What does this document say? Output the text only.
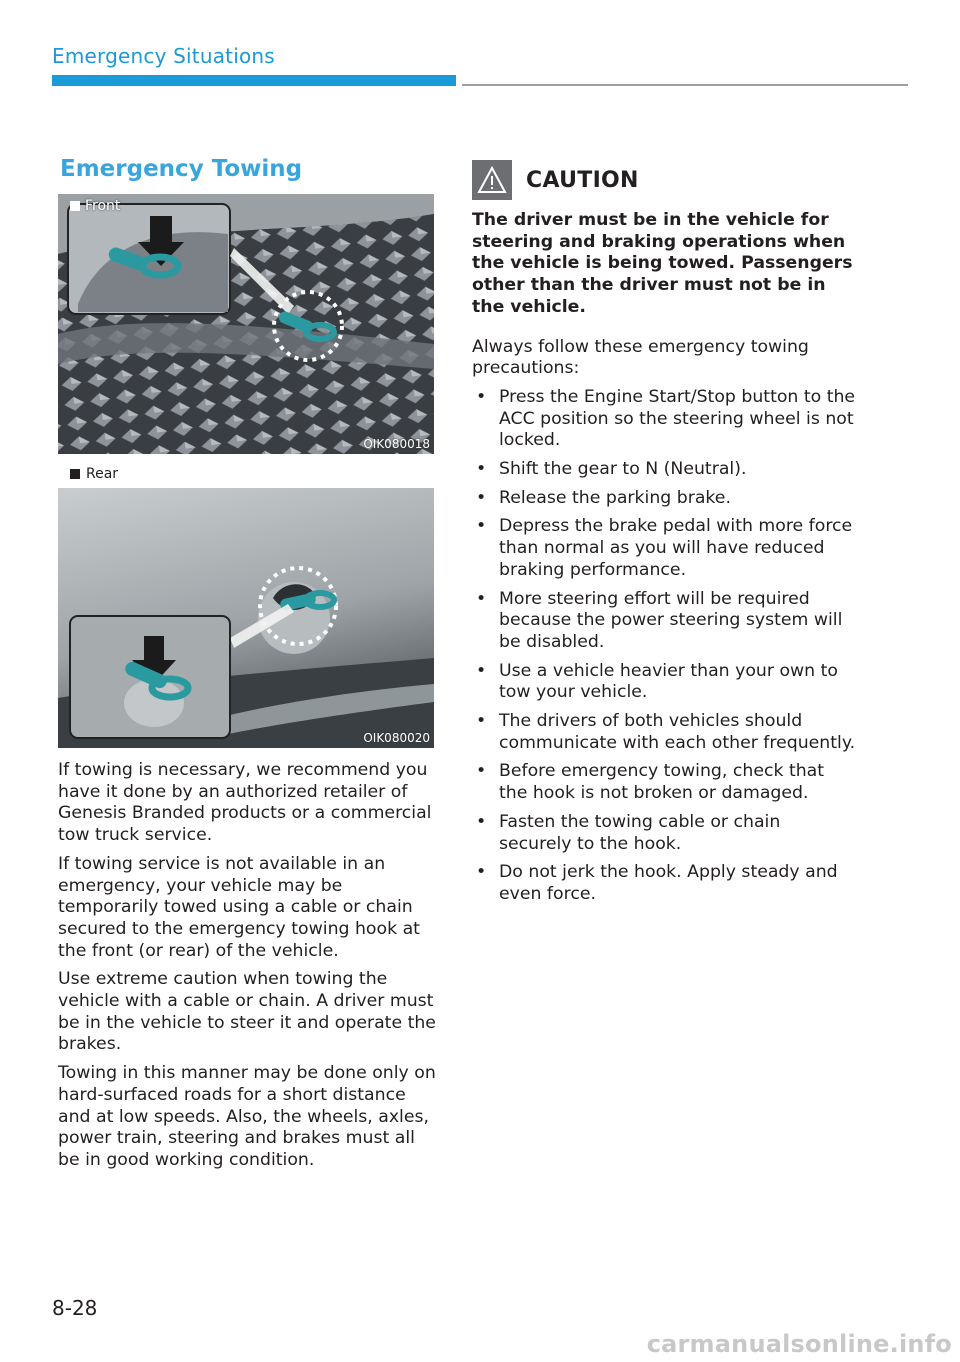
Emergency Situations
Emergency Towing
Front
OIK080018
Rear
OIK080020

If towing is necessary, we recommend you have it done by an authorized retailer of Genesis Branded products or a commercial tow truck service.

If towing service is not available in an emergency, your vehicle may be temporarily towed using a cable or chain secured to the emergency towing hook at the front (or rear) of the vehicle.

Use extreme caution when towing the vehicle with a cable or chain. A driver must be in the vehicle to steer it and operate the brakes.

Towing in this manner may be done only on hard-surfaced roads for a short distance and at low speeds. Also, the wheels, axles, power train, steering and brakes must all be in good working condition.

CAUTION

The driver must be in the vehicle for steering and braking operations when the vehicle is being towed. Passengers other than the driver must not be in the vehicle.

Always follow these emergency towing precautions:

• Press the Engine Start/Stop button to the ACC position so the steering wheel is not locked.
• Shift the gear to N (Neutral).
• Release the parking brake.
• Depress the brake pedal with more force than normal as you will have reduced braking performance.
• More steering effort will be required because the power steering system will be disabled.
• Use a vehicle heavier than your own to tow your vehicle.
• The drivers of both vehicles should communicate with each other frequently.
• Before emergency towing, check that the hook is not broken or damaged.
• Fasten the towing cable or chain securely to the hook.
• Do not jerk the hook. Apply steady and even force.
8-28
carmanualsonline.info
